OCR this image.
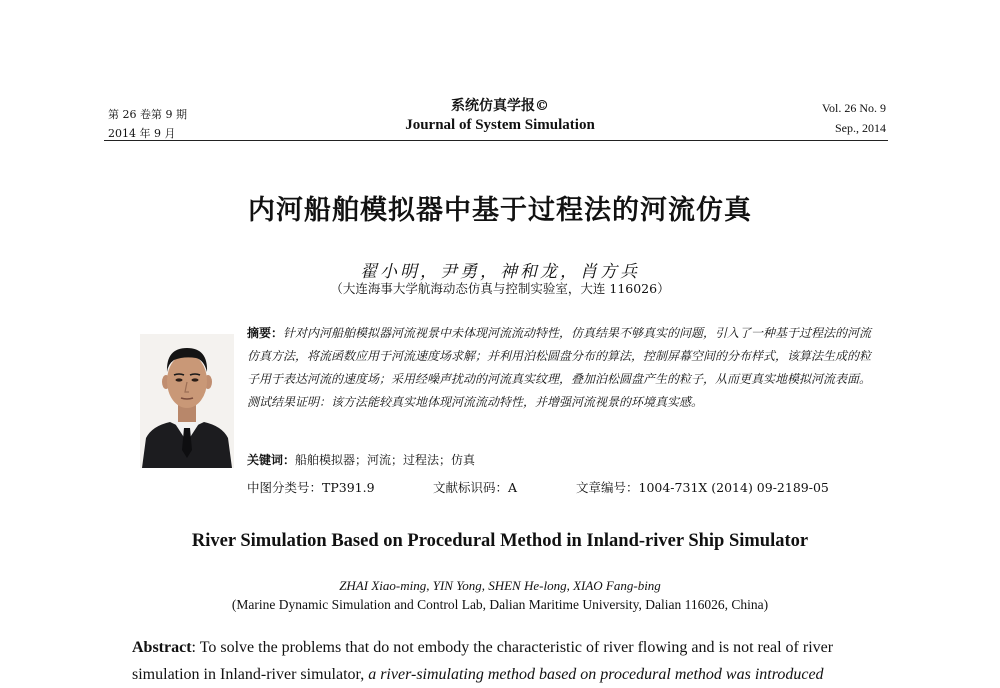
第 26 卷第 9 期
2014 年 9 月
系统仿真学报©
Journal of System Simulation
Vol. 26 No. 9
Sep., 2014
内河船舶模拟器中基于过程法的河流仿真
翟小明，尹勇，神和龙，肖方兵
（大连海事大学航海动态仿真与控制实验室，大连 116026）
摘要：针对内河船舶模拟器河流视景中未体现河流流动特性，仿真结果不够真实的问题，引入了一种基于过程法的河流仿真方法，将流函数应用于河流速度场求解；并利用泊松圆盘分布的算法，控制屏幕空间的分布样式，该算法生成的粒子用于表达河流的速度场；采用经噪声扰动的河流真实纹理，叠加泊松圆盘产生的粒子，从而更真实地模拟河流表面。测试结果证明：该方法能较真实地体现河流流动特性，并增强河流视景的环境真实感。
关键词：船舶模拟器；河流；过程法；仿真
中图分类号：TP391.9	文献标识码：A	文章编号：1004-731X (2014) 09-2189-05
River Simulation Based on Procedural Method in Inland-river Ship Simulator
ZHAI Xiao-ming, YIN Yong, SHEN He-long, XIAO Fang-bing
(Marine Dynamic Simulation and Control Lab, Dalian Maritime University, Dalian 116026, China)
Abstract: To solve the problems that do not embody the characteristic of river flowing and is not real of river simulation in Inland-river simulator, a river-simulating method based on procedural method was introduced
